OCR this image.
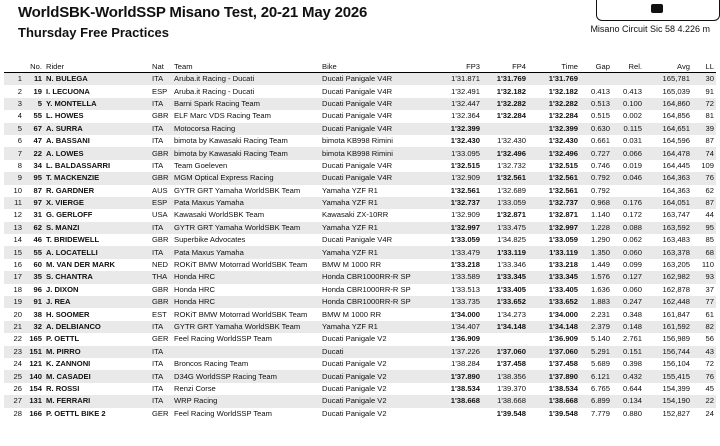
WorldSBK-WorldSSP Misano Test, 20-21 May 2026
Thursday Free Practices	Misano Circuit Sic 58 4.226 m
	No.	Rider	Nat	Team	Bike	FP3	FP4	Time	Gap	Rel.	Avg	LL
1	11	N. BULEGA	ITA	Aruba.it Racing - Ducati	Ducati Panigale V4R	1'31.871	1'31.769	1'31.769			165,781	30
2	19	I. LECUONA	ESP	Aruba.it Racing - Ducati	Ducati Panigale V4R	1'32.491	1'32.182	1'32.182	0.413	0.413	165,039	91
3	5	Y. MONTELLA	ITA	Barni Spark Racing Team	Ducati Panigale V4R	1'32.447	1'32.282	1'32.282	0.513	0.100	164,860	72
4	55	L. HOWES	GBR	ELF Marc VDS Racing Team	Ducati Panigale V4R	1'32.364	1'32.284	1'32.284	0.515	0.002	164,856	81
5	67	A. SURRA	ITA	Motocorsa Racing	Ducati Panigale V4R	1'32.399		1'32.399	0.630	0.115	164,651	39
6	47	A. BASSANI	ITA	bimota by Kawasaki Racing Team	bimota KB998 Rimini	1'32.430	1'32.430	1'32.430	0.661	0.031	164,596	87
7	22	A. LOWES	GBR	bimota by Kawasaki Racing Team	bimota KB998 Rimini	1'33.095	1'32.496	1'32.496	0.727	0.066	164,478	74
8	34	L. BALDASSARRI	ITA	Team Goeleven	Ducati Panigale V4R	1'32.515	1'32.732	1'32.515	0.746	0.019	164,445	109
9	95	T. MACKENZIE	GBR	MGM Optical Express Racing	Ducati Panigale V4R	1'32.909	1'32.561	1'32.561	0.792	0.046	164,363	76
10	87	R. GARDNER	AUS	GYTR GRT Yamaha WorldSBK Team	Yamaha YZF R1	1'32.561	1'32.689	1'32.561	0.792		164,363	62
11	97	X. VIERGE	ESP	Pata Maxus Yamaha	Yamaha YZF R1	1'32.737	1'33.059	1'32.737	0.968	0.176	164,051	87
12	31	G. GERLOFF	USA	Kawasaki WorldSBK Team	Kawasaki ZX-10RR	1'32.909	1'32.871	1'32.871	1.140	0.172	163,747	44
13	62	S. MANZI	ITA	GYTR GRT Yamaha WorldSBK Team	Yamaha YZF R1	1'32.997	1'33.475	1'32.997	1.228	0.088	163,592	95
14	46	T. BRIDEWELL	GBR	Superbike Advocates	Ducati Panigale V4R	1'33.059	1'34.825	1'33.059	1.290	0.062	163,483	85
15	55	A. LOCATELLI	ITA	Pata Maxus Yamaha	Yamaha YZF R1	1'33.479	1'33.119	1'33.119	1.350	0.060	163,378	68
16	60	M. VAN DER MARK	NED	ROKiT BMW Motorrad WorldSBK Team	BMW M 1000 RR	1'33.218	1'33.346	1'33.218	1.449	0.099	163,205	110
17	35	S. CHANTRA	THA	Honda HRC	Honda CBR1000RR-R SP	1'33.589	1'33.345	1'33.345	1.576	0.127	162,982	93
18	96	J. DIXON	GBR	Honda HRC	Honda CBR1000RR-R SP	1'33.513	1'33.405	1'33.405	1.636	0.060	162,878	37
19	91	J. REA	GBR	Honda HRC	Honda CBR1000RR-R SP	1'33.735	1'33.652	1'33.652	1.883	0.247	162,448	77
20	38	H. SOOMER	EST	ROKiT BMW Motorrad WorldSBK Team	BMW M 1000 RR	1'34.000	1'34.273	1'34.000	2.231	0.348	161,847	61
21	32	A. DELBIANCO	ITA	GYTR GRT Yamaha WorldSBK Team	Yamaha YZF R1	1'34.407	1'34.148	1'34.148	2.379	0.148	161,592	82
22	165	P. OETTL	GER	Feel Racing WorldSSP Team	Ducati Panigale V2	1'36.909		1'36.909	5.140	2.761	156,989	56
23	151	M. PIRRO	ITA		Ducati	1'37.226	1'37.060	1'37.060	5.291	0.151	156,744	43
24	121	K. ZANNONI	ITA	Broncos Racing Team	Ducati Panigale V2	1'38.284	1'37.458	1'37.458	5.689	0.398	156,104	72
25	140	M. CASADEI	ITA	D34G WorldSSP Racing Team	Ducati Panigale V2	1'37.890	1'38.356	1'37.890	6.121	0.432	155,415	76
26	154	R. ROSSI	ITA	Renzi Corse	Ducati Panigale V2	1'38.534	1'39.370	1'38.534	6.765	0.644	154,399	45
27	131	M. FERRARI	ITA	WRP Racing	Ducati Panigale V2	1'38.668	1'38.668	1'38.668	6.899	0.134	154,190	22
28	166	P. OETTL BIKE 2	GER	Feel Racing WorldSSP Team	Ducati Panigale V2		1'39.548	1'39.548	7.779	0.880	152,827	24
